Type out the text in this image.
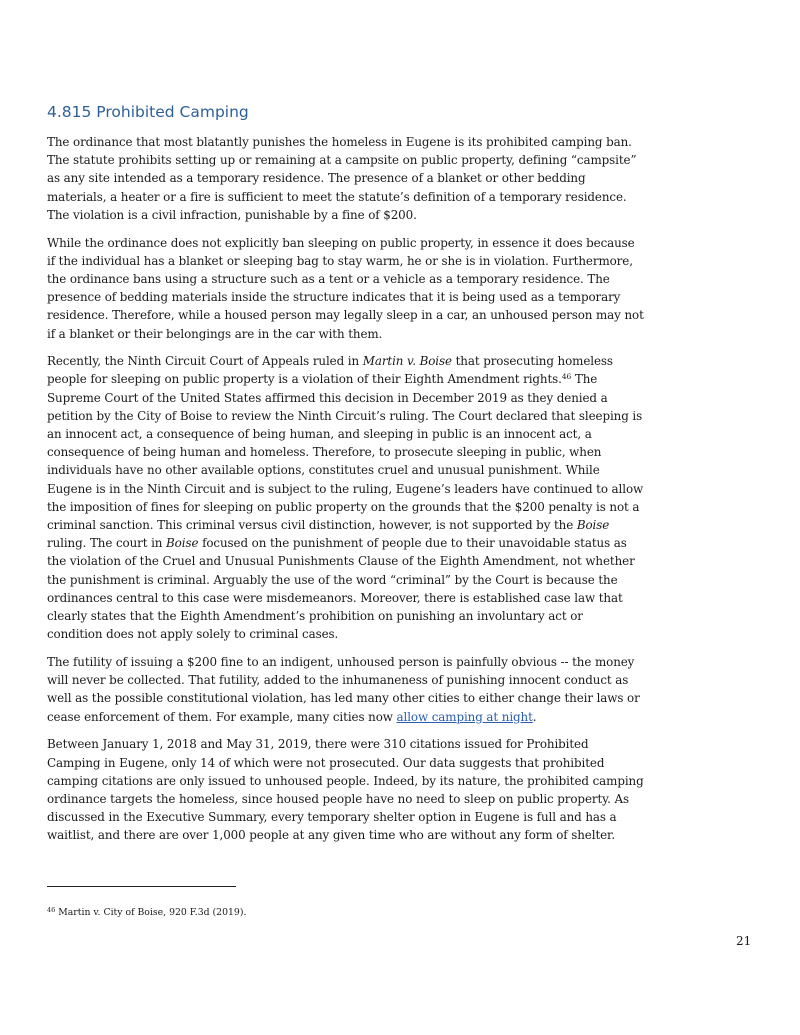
4.815 Prohibited Camping

The ordinance that most blatantly punishes the homeless in Eugene is its prohibited camping ban.
The statute prohibits setting up or remaining at a campsite on public property, defining “campsite”
as any site intended as a temporary residence. The presence of a blanket or other bedding
materials, a heater or a fire is sufficient to meet the statute’s definition of a temporary residence.
The violation is a civil infraction, punishable by a fine of $200.

While the ordinance does not explicitly ban sleeping on public property, in essence it does because
if the individual has a blanket or sleeping bag to stay warm, he or she is in violation. Furthermore,
the ordinance bans using a structure such as a tent or a vehicle as a temporary residence. The
presence of bedding materials inside the structure indicates that it is being used as a temporary
residence. Therefore, while a housed person may legally sleep in a car, an unhoused person may not
if a blanket or their belongings are in the car with them.

Recently, the Ninth Circuit Court of Appeals ruled in Martin v. Boise that prosecuting homeless
people for sleeping on public property is a violation of their Eighth Amendment rights.$^{46}$ The
Supreme Court of the United States affirmed this decision in December 2019 as they denied a
petition by the City of Boise to review the Ninth Circuit’s ruling. The Court declared that sleeping is
an innocent act, a consequence of being human, and sleeping in public is an innocent act, a
consequence of being human and homeless. Therefore, to prosecute sleeping in public, when
individuals have no other available options, constitutes cruel and unusual punishment. While
Eugene is in the Ninth Circuit and is subject to the ruling, Eugene’s leaders have continued to allow
the imposition of fines for sleeping on public property on the grounds that the $200 penalty is not a
criminal sanction. This criminal versus civil distinction, however, is not supported by the Boise
ruling. The court in Boise focused on the punishment of people due to their unavoidable status as
the violation of the Cruel and Unusual Punishments Clause of the Eighth Amendment, not whether
the punishment is criminal. Arguably the use of the word “criminal” by the Court is because the
ordinances central to this case were misdemeanors. Moreover, there is established case law that
clearly states that the Eighth Amendment’s prohibition on punishing an involuntary act or
condition does not apply solely to criminal cases.

The futility of issuing a $200 fine to an indigent, unhoused person is painfully obvious -- the money
will never be collected. That futility, added to the inhumaneness of punishing innocent conduct as
well as the possible constitutional violation, has led many other cities to either change their laws or
cease enforcement of them. For example, many cities now allow camping at night.

Between January 1, 2018 and May 31, 2019, there were 310 citations issued for Prohibited
Camping in Eugene, only 14 of which were not prosecuted. Our data suggests that prohibited
camping citations are only issued to unhoused people. Indeed, by its nature, the prohibited camping
ordinance targets the homeless, since housed people have no need to sleep on public property. As
discussed in the Executive Summary, every temporary shelter option in Eugene is full and has a
waitlist, and there are over 1,000 people at any given time who are without any form of shelter.

$^{46}$ Martin v. City of Boise, 920 F.3d (2019).
21
